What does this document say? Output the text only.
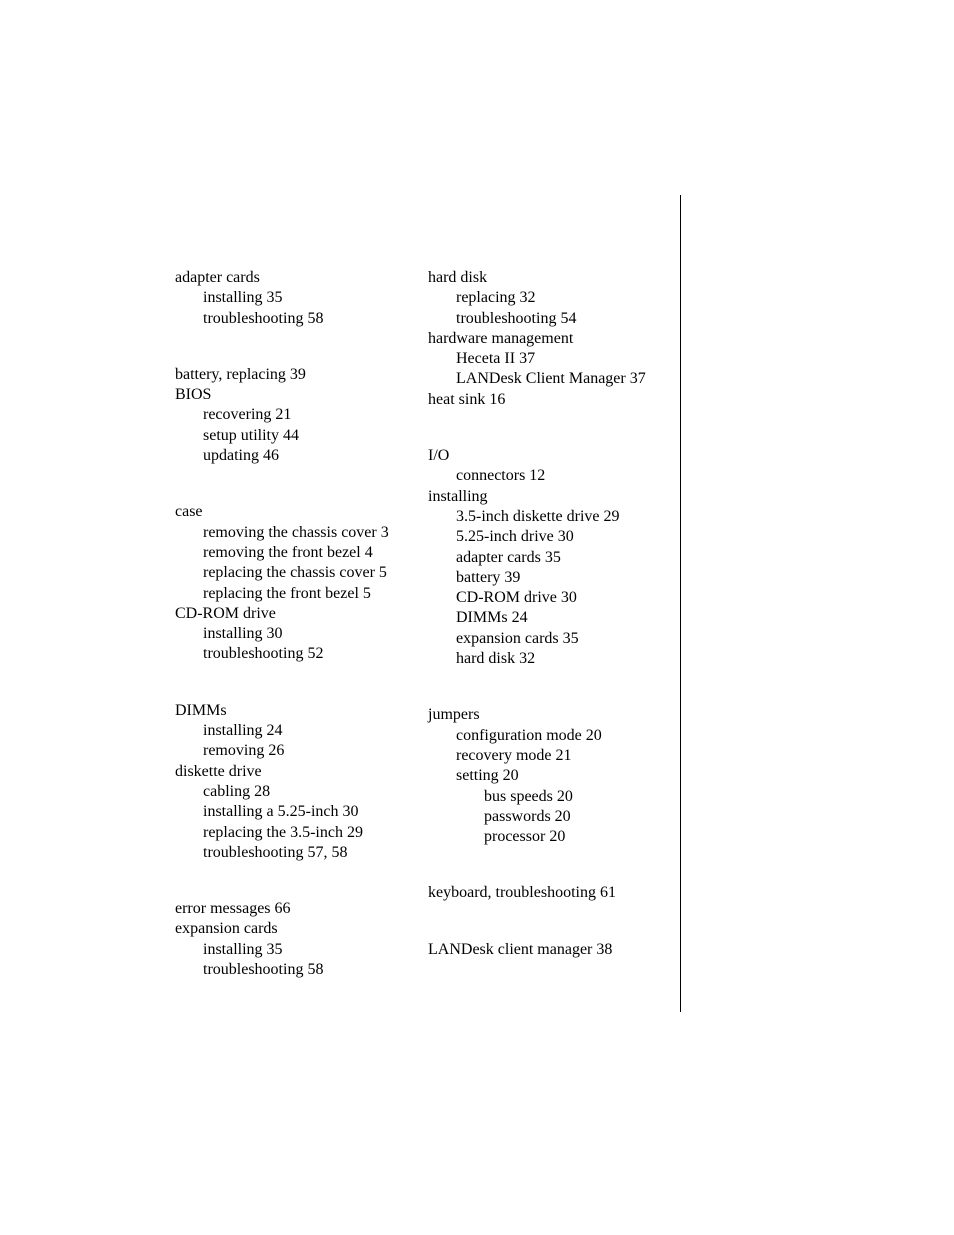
adapter cards
installing 35
troubleshooting 58
battery, replacing 39
BIOS
recovering 21
setup utility 44
updating 46
case
removing the chassis cover 3
removing the front bezel 4
replacing the chassis cover 5
replacing the front bezel 5
CD-ROM drive
installing 30
troubleshooting 52
DIMMs
installing 24
removing 26
diskette drive
cabling 28
installing a 5.25-inch 30
replacing the 3.5-inch 29
troubleshooting 57, 58
error messages 66
expansion cards
installing 35
troubleshooting 58
hard disk
replacing 32
troubleshooting 54
hardware management
Heceta II 37
LANDesk Client Manager 37
heat sink 16
I/O
connectors 12
installing
3.5-inch diskette drive 29
5.25-inch drive 30
adapter cards 35
battery 39
CD-ROM drive 30
DIMMs 24
expansion cards 35
hard disk 32
jumpers
configuration mode 20
recovery mode 21
setting 20
bus speeds 20
passwords 20
processor 20
keyboard, troubleshooting 61
LANDesk client manager 38
